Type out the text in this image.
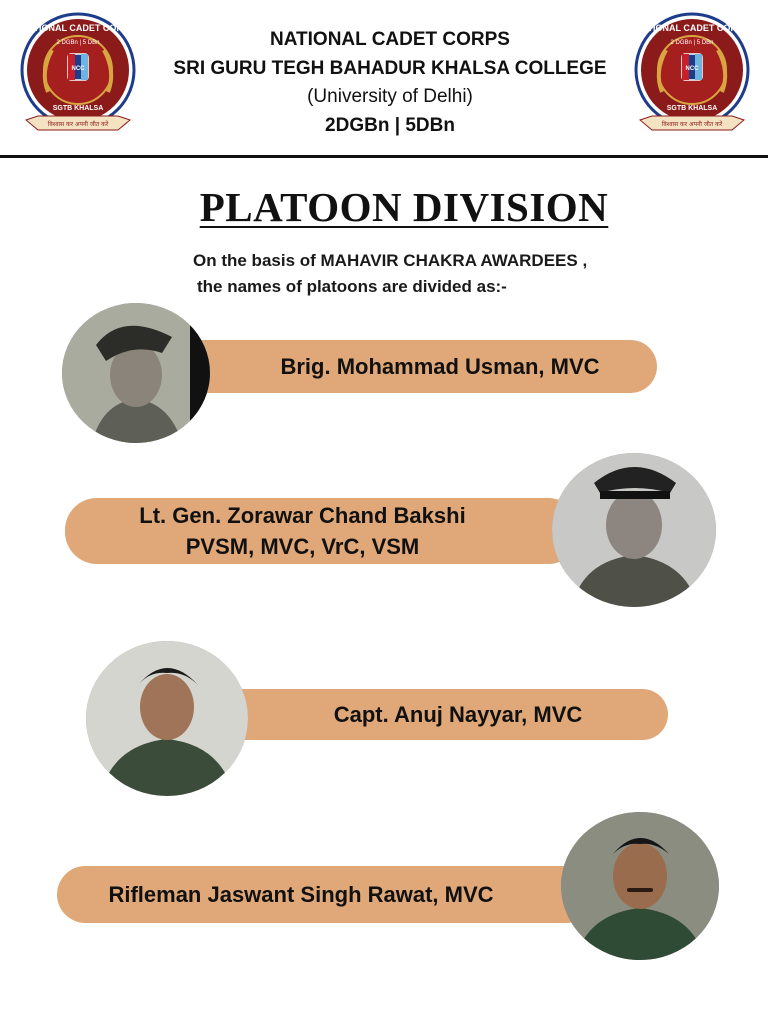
NATIONAL CADET CORPS
2 DGBn | 5 DBn
NCC
SGTB KHALSA
विश्वास कर अपनी जीत करें
NATIONAL CADET CORPS
SRI GURU TEGH BAHADUR KHALSA COLLEGE
(University of Delhi)
2DGBn | 5DBn
NATIONAL CADET CORPS
2 DGBn | 5 DBn
NCC
SGTB KHALSA
विश्वास कर अपनी जीत करें
PLATOON DIVISION
On the basis of MAHAVIR CHAKRA AWARDEES ,
the names of platoons are divided as:-
Brig. Mohammad Usman, MVC
Lt. Gen. Zorawar Chand Bakshi
PVSM, MVC, VrC, VSM
Capt. Anuj Nayyar, MVC
Rifleman Jaswant Singh Rawat, MVC
